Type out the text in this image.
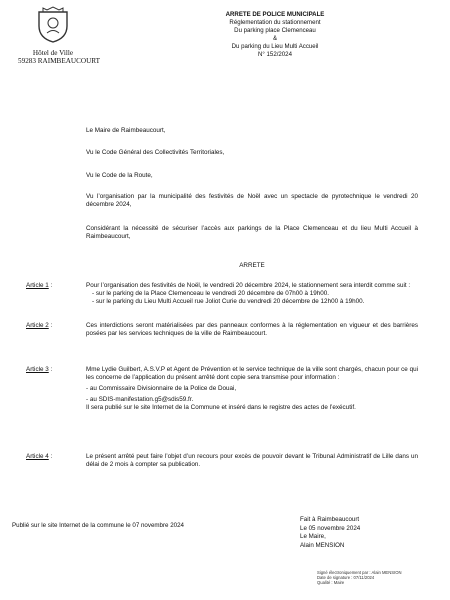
Hôtel de Ville
59283 RAIMBEAUCOURT
ARRETE DE POLICE MUNICIPALE
Réglementation du stationnement
Du parking place Clemenceau
&
Du parking du Lieu Multi Accueil
N° 152/2024
Le Maire de Raimbeaucourt,
Vu le Code Général des Collectivités Territoriales,
Vu le Code de la Route,
Vu l’organisation par la municipalité des festivités de Noël avec un spectacle de pyrotechnique le vendredi 20 décembre 2024,
Considérant la nécessité de sécuriser l’accès aux parkings de la Place Clemenceau et du lieu Multi Accueil à Raimbeaucourt,
ARRETE
Article 1 :	Pour l’organisation des festivités de Noël, le vendredi 20 décembre 2024, le stationnement sera interdit comme suit :
- sur le parking de la Place Clemenceau le vendredi 20 décembre de 07h00 à 19h00.
- sur le parking du Lieu Multi Accueil rue Joliot Curie du vendredi 20 décembre de 12h00 à 19h00.
Article 2 :	Ces interdictions seront matérialisées par des panneaux conformes à la réglementation en vigueur et des barrières posées par les services techniques de la ville de Raimbeaucourt.
Article 3 :	Mme Lydie Guilbert, A.S.V.P et Agent de Prévention et le service technique de la ville sont chargés, chacun pour ce qui les concerne de l’application du présent arrêté dont copie sera transmise pour information :
- au Commissaire Divisionnaire de la Police de Douai,
- au SDIS-manifestation.g5@sdis59.fr.
Il sera publié sur le site Internet de la Commune et inséré dans le registre des actes de l’exécutif.
Article 4 :	Le présent arrêté peut faire l’objet d’un recours pour excès de pouvoir devant le Tribunal Administratif de Lille dans un délai de 2 mois à compter sa publication.
Publié sur le site Internet de la commune le 07 novembre 2024
Fait à Raimbeaucourt
Le 05 novembre 2024
Le Maire,
Alain MENSION
Signé électroniquement par : Alain MENSION
Date de signature : 07/11/2024
Qualité : Maire
